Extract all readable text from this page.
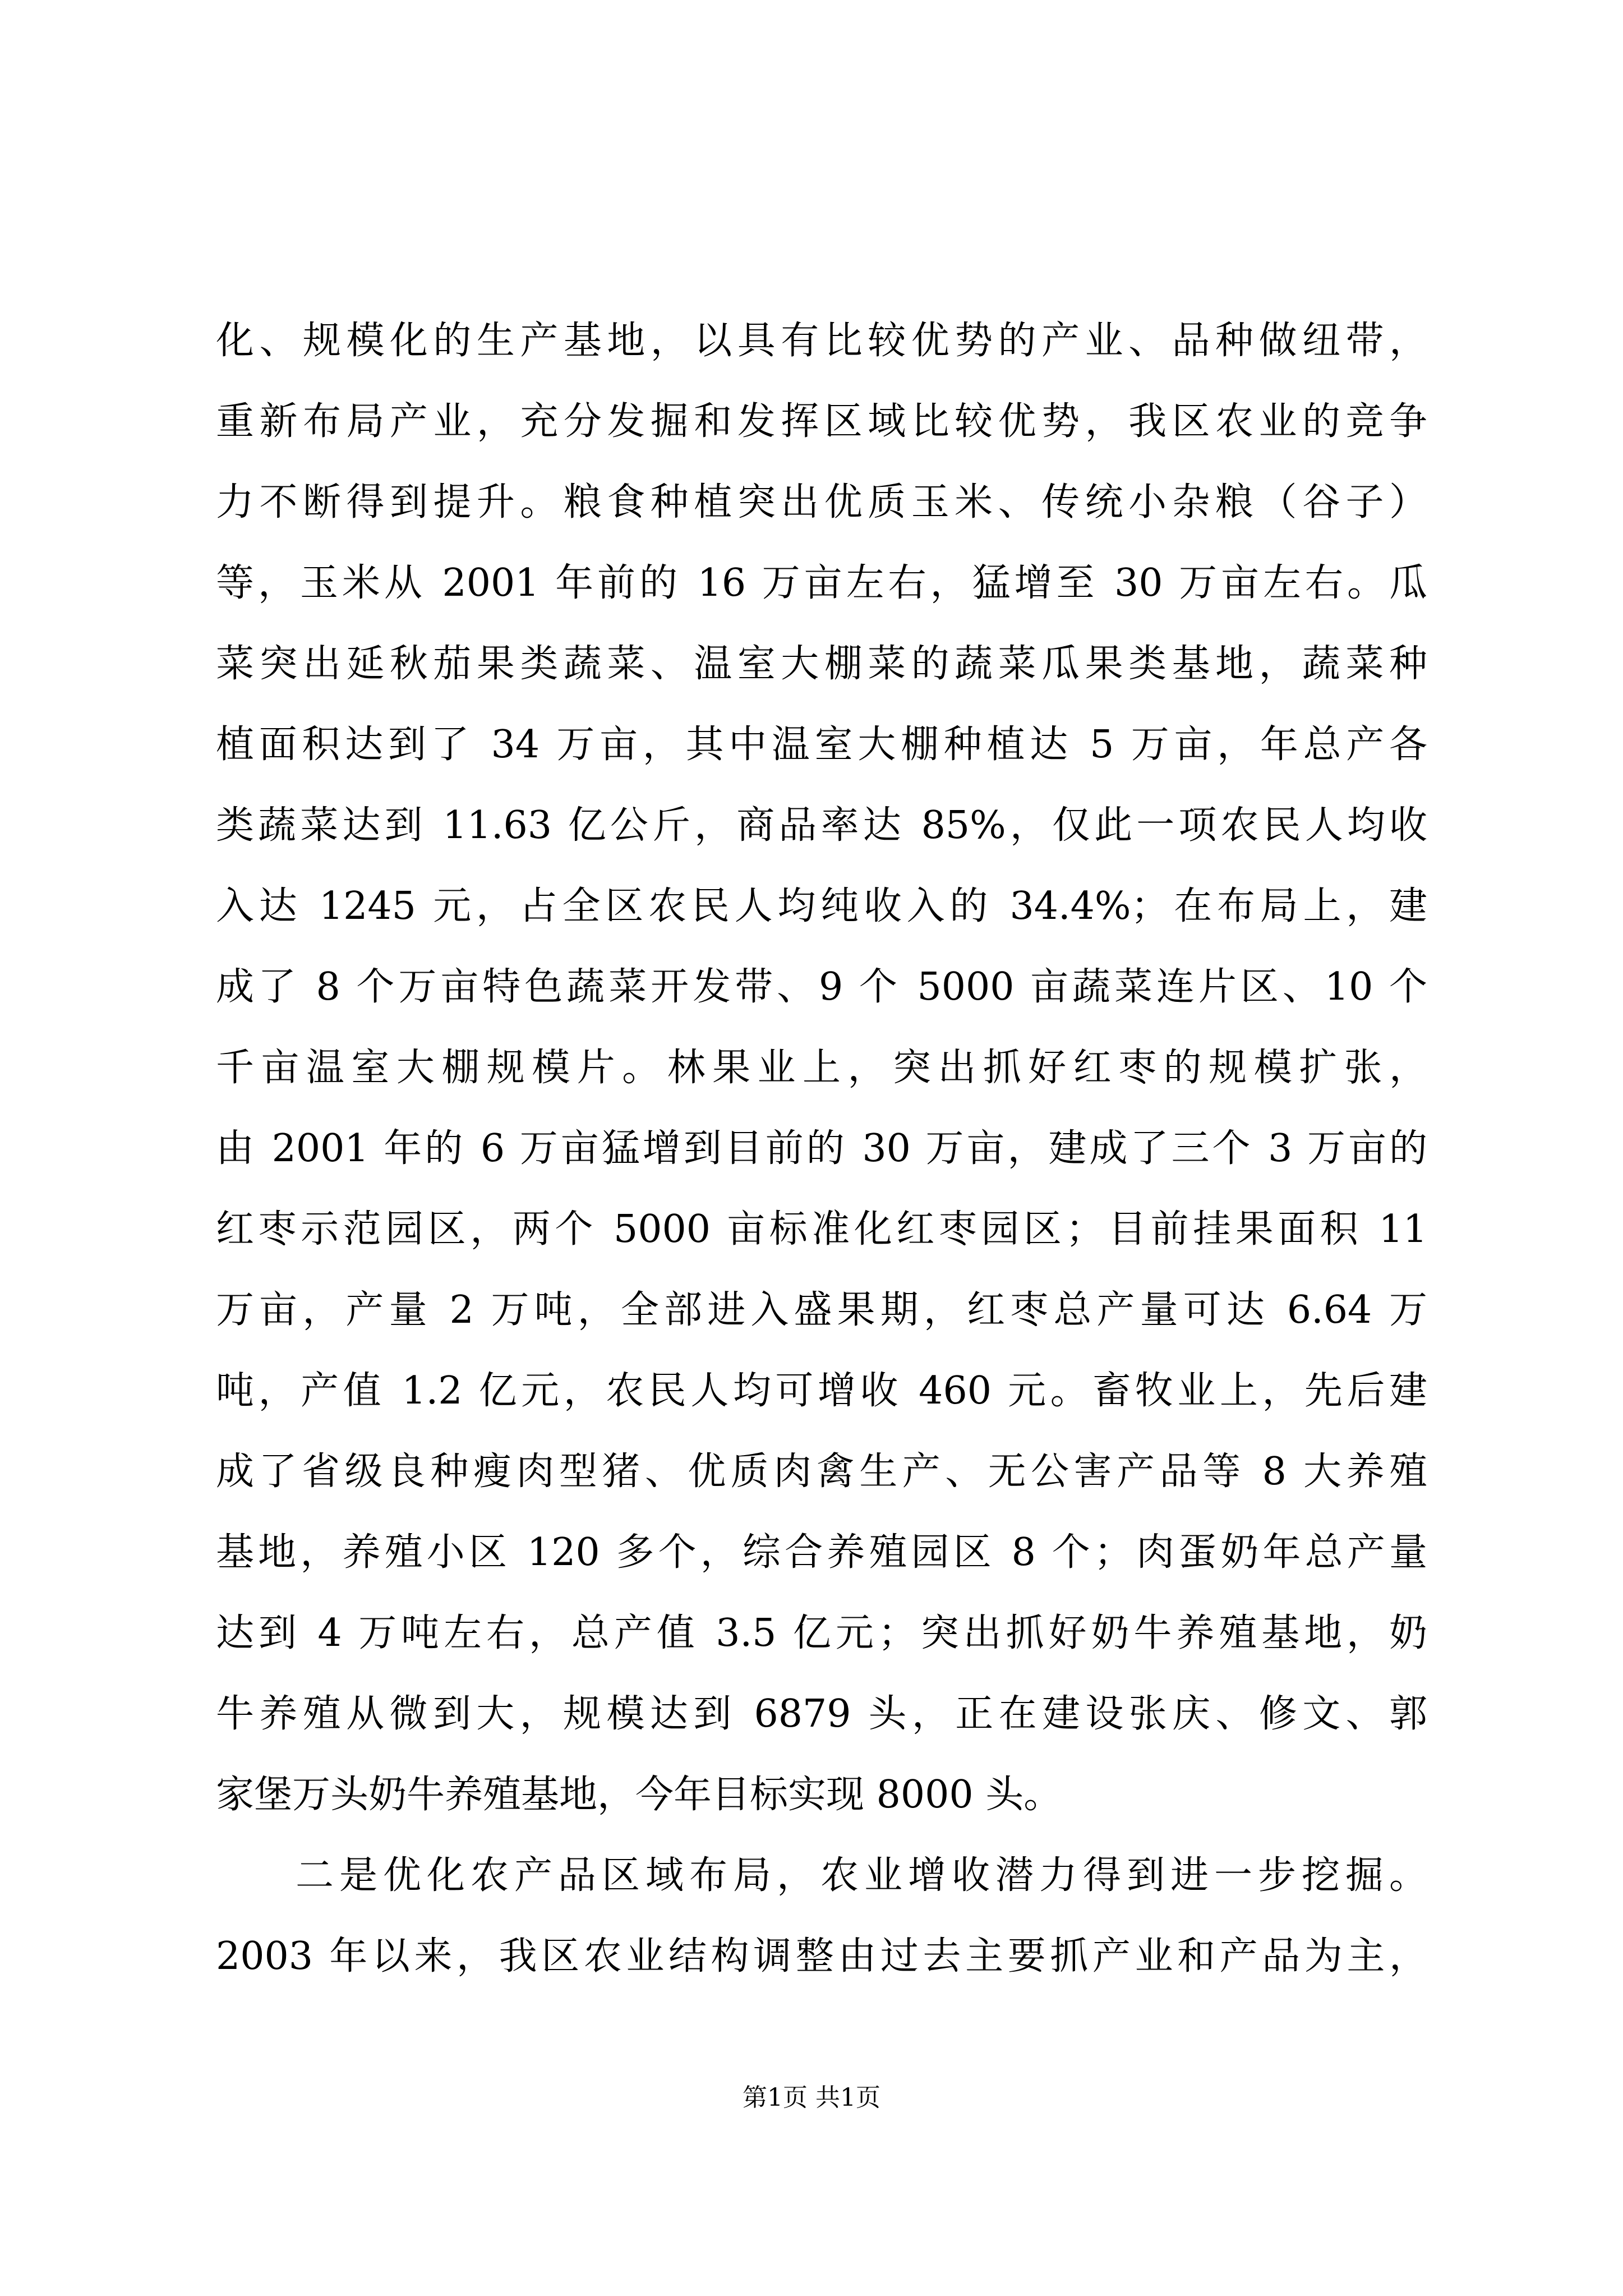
化、规模化的生产基地，以具有比较优势的产业、品种做纽带，
重新布局产业，充分发掘和发挥区域比较优势，我区农业的竞争
力不断得到提升。粮食种植突出优质玉米、传统小杂粮（谷子）
等，玉米从 2001 年前的 16 万亩左右，猛增至 30 万亩左右。瓜
菜突出延秋茄果类蔬菜、温室大棚菜的蔬菜瓜果类基地，蔬菜种
植面积达到了 34 万亩，其中温室大棚种植达 5 万亩，年总产各
类蔬菜达到 11.63 亿公斤，商品率达 85%，仅此一项农民人均收
入达 1245 元，占全区农民人均纯收入的 34.4%；在布局上，建
成了 8 个万亩特色蔬菜开发带、9 个 5000 亩蔬菜连片区、10 个
千亩温室大棚规模片。林果业上，突出抓好红枣的规模扩张，
由 2001 年的 6 万亩猛增到目前的 30 万亩，建成了三个 3 万亩的
红枣示范园区，两个 5000 亩标准化红枣园区；目前挂果面积 11
万亩，产量 2 万吨，全部进入盛果期，红枣总产量可达 6.64 万
吨，产值 1.2 亿元，农民人均可增收 460 元。畜牧业上，先后建
成了省级良种瘦肉型猪、优质肉禽生产、无公害产品等 8 大养殖
基地，养殖小区 120 多个，综合养殖园区 8 个；肉蛋奶年总产量
达到 4 万吨左右，总产值 3.5 亿元；突出抓好奶牛养殖基地，奶
牛养殖从微到大，规模达到 6879 头，正在建设张庆、修文、郭
家堡万头奶牛养殖基地，今年目标实现 8000 头。
二是优化农产品区域布局，农业增收潜力得到进一步挖掘。
2003 年以来，我区农业结构调整由过去主要抓产业和产品为主，
第1页 共1页
